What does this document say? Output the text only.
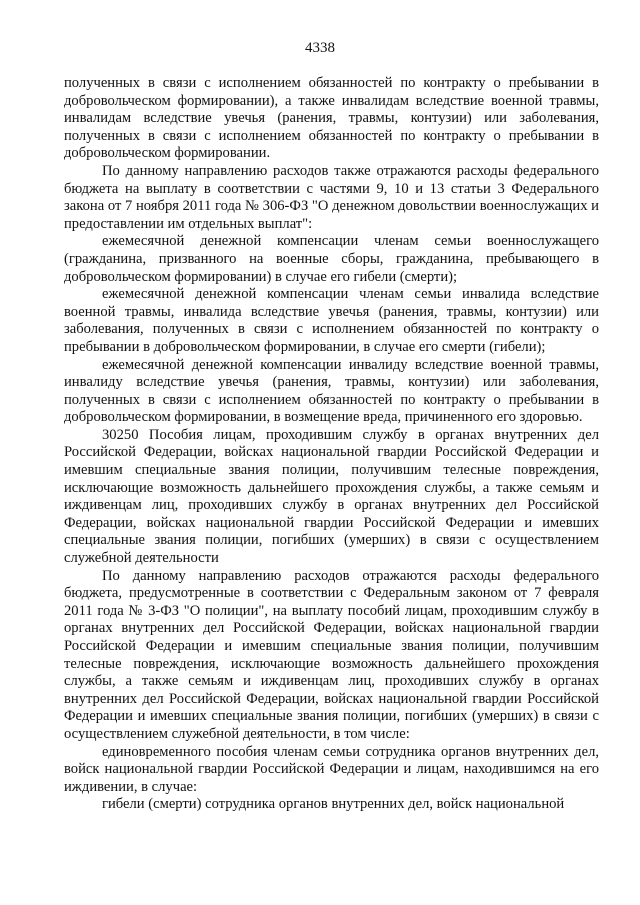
4338

полученных в связи с исполнением обязанностей по контракту о пребывании в добровольческом формировании), а также инвалидам вследствие военной травмы, инвалидам вследствие увечья (ранения, травмы, контузии) или заболевания, полученных в связи с исполнением обязанностей по контракту о пребывании в добровольческом формировании.

По данному направлению расходов также отражаются расходы федерального бюджета на выплату в соответствии с частями 9, 10 и 13 статьи 3 Федерального закона от 7 ноября 2011 года № 306-ФЗ "О денежном довольствии военнослужащих и предоставлении им отдельных выплат":

ежемесячной денежной компенсации членам семьи военнослужащего (гражданина, призванного на военные сборы, гражданина, пребывающего в добровольческом формировании) в случае его гибели (смерти);

ежемесячной денежной компенсации членам семьи инвалида вследствие военной травмы, инвалида вследствие увечья (ранения, травмы, контузии) или заболевания, полученных в связи с исполнением обязанностей по контракту о пребывании в добровольческом формировании, в случае его смерти (гибели);

ежемесячной денежной компенсации инвалиду вследствие военной травмы, инвалиду вследствие увечья (ранения, травмы, контузии) или заболевания, полученных в связи с исполнением обязанностей по контракту о пребывании в добровольческом формировании, в возмещение вреда, причиненного его здоровью.

30250 Пособия лицам, проходившим службу в органах внутренних дел Российской Федерации, войсках национальной гвардии Российской Федерации и имевшим специальные звания полиции, получившим телесные повреждения, исключающие возможность дальнейшего прохождения службы, а также семьям и иждивенцам лиц, проходивших службу в органах внутренних дел Российской Федерации, войсках национальной гвардии Российской Федерации и имевших специальные звания полиции, погибших (умерших) в связи с осуществлением служебной деятельности

По данному направлению расходов отражаются расходы федерального бюджета, предусмотренные в соответствии с Федеральным законом от 7 февраля 2011 года № 3-ФЗ "О полиции", на выплату пособий лицам, проходившим службу в органах внутренних дел Российской Федерации, войсках национальной гвардии Российской Федерации и имевшим специальные звания полиции, получившим телесные повреждения, исключающие возможность дальнейшего прохождения службы, а также семьям и иждивенцам лиц, проходивших службу в органах внутренних дел Российской Федерации, войсках национальной гвардии Российской Федерации и имевших специальные звания полиции, погибших (умерших) в связи с осуществлением служебной деятельности, в том числе:

единовременного пособия членам семьи сотрудника органов внутренних дел, войск национальной гвардии Российской Федерации и лицам, находившимся на его иждивении, в случае:

гибели (смерти) сотрудника органов внутренних дел, войск национальной
